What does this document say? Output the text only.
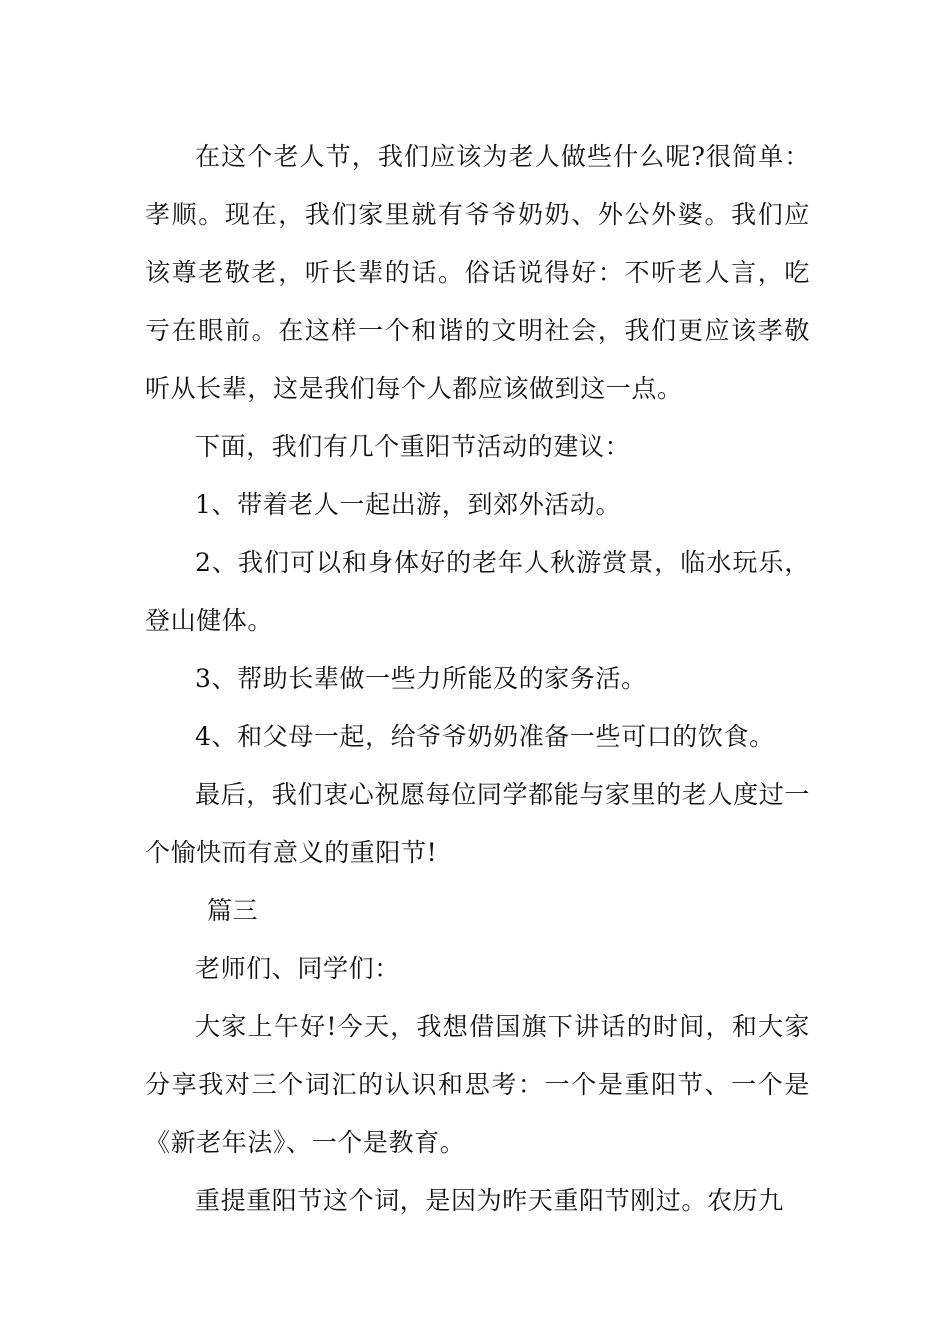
在这个老人节，我们应该为老人做些什么呢?很简单：孝顺。现在，我们家里就有爷爷奶奶、外公外婆。我们应该尊老敬老，听长辈的话。俗话说得好：不听老人言，吃亏在眼前。在这样一个和谐的文明社会，我们更应该孝敬听从长辈，这是我们每个人都应该做到这一点。

下面，我们有几个重阳节活动的建议：

1、带着老人一起出游，到郊外活动。

2、我们可以和身体好的老年人秋游赏景，临水玩乐，登山健体。

3、帮助长辈做一些力所能及的家务活。

4、和父母一起，给爷爷奶奶准备一些可口的饮食。

最后，我们衷心祝愿每位同学都能与家里的老人度过一个愉快而有意义的重阳节!

篇三

老师们、同学们：

大家上午好!今天，我想借国旗下讲话的时间，和大家分享我对三个词汇的认识和思考：一个是重阳节、一个是《新老年法》、一个是教育。

重提重阳节这个词，是因为昨天重阳节刚过。农历九
